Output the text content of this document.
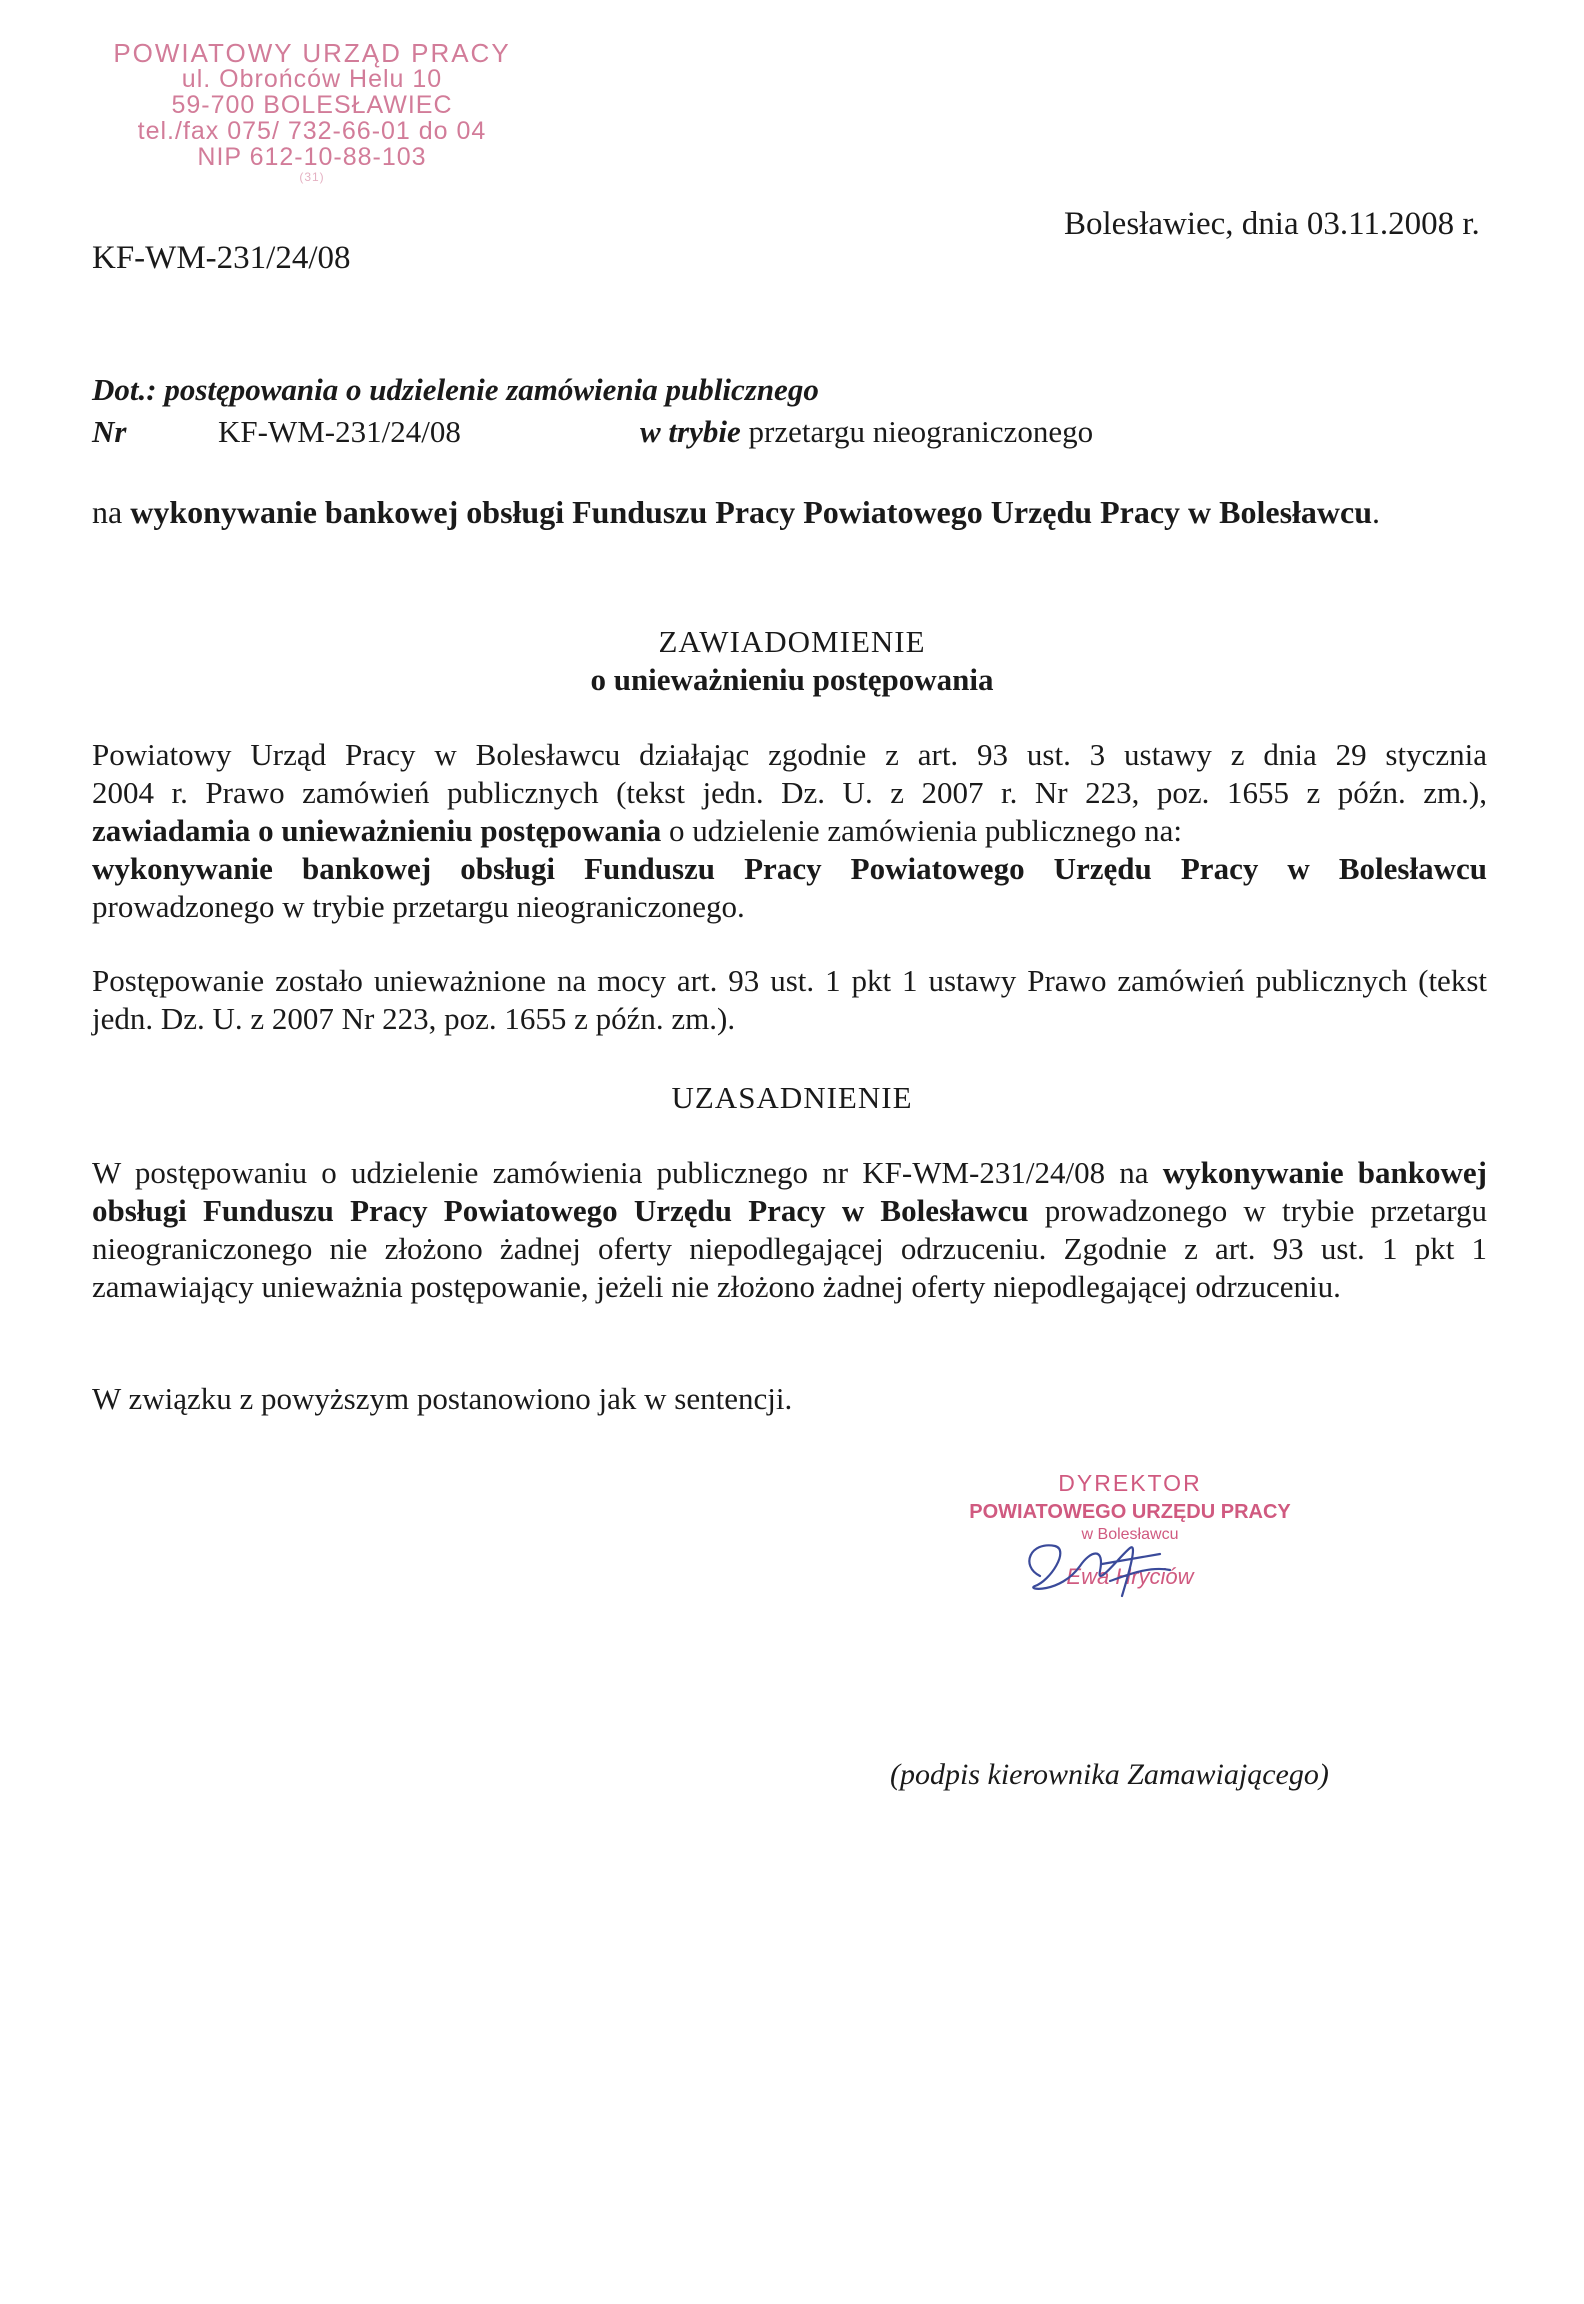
POWIATOWY URZĄD PRACY
ul. Obrońców Helu 10
59-700 BOLESŁAWIEC
tel./fax 075/ 732-66-01 do 04
NIP 612-10-88-103
(31)
Bolesławiec, dnia 03.11.2008 r.
KF-WM-231/24/08
Dot.: postępowania o udzielenie zamówienia publicznego
Nr	KF-WM-231/24/08	w trybie przetargu nieograniczonego
na wykonywanie bankowej obsługi Funduszu Pracy Powiatowego Urzędu Pracy w Bolesławcu.
ZAWIADOMIENIE
o unieważnieniu postępowania
Powiatowy Urząd Pracy w Bolesławcu działając zgodnie z art. 93 ust. 3 ustawy z dnia 29 stycznia
2004 r. Prawo zamówień publicznych (tekst jedn. Dz. U. z 2007 r. Nr 223, poz. 1655 z późn. zm.),
zawiadamia o unieważnieniu postępowania o udzielenie zamówienia publicznego na:
wykonywanie bankowej obsługi Funduszu Pracy Powiatowego Urzędu Pracy w Bolesławcu
prowadzonego w trybie przetargu nieograniczonego.
Postępowanie zostało unieważnione na mocy art. 93 ust. 1 pkt 1 ustawy Prawo zamówień publicznych (tekst jedn. Dz. U. z 2007 Nr 223, poz. 1655 z późn. zm.).
UZASADNIENIE
W postępowaniu o udzielenie zamówienia publicznego nr KF-WM-231/24/08 na wykonywanie bankowej obsługi Funduszu Pracy Powiatowego Urzędu Pracy w Bolesławcu prowadzonego w trybie przetargu nieograniczonego nie złożono żadnej oferty niepodlegającej odrzuceniu. Zgodnie z art. 93 ust. 1 pkt 1 zamawiający unieważnia postępowanie, jeżeli nie złożono żadnej oferty niepodlegającej odrzuceniu.
W związku z powyższym postanowiono jak w sentencji.
DYREKTOR
POWIATOWEGO URZĘDU PRACY
w Bolesławcu
Ewa Hryciów
(podpis kierownika Zamawiającego)
